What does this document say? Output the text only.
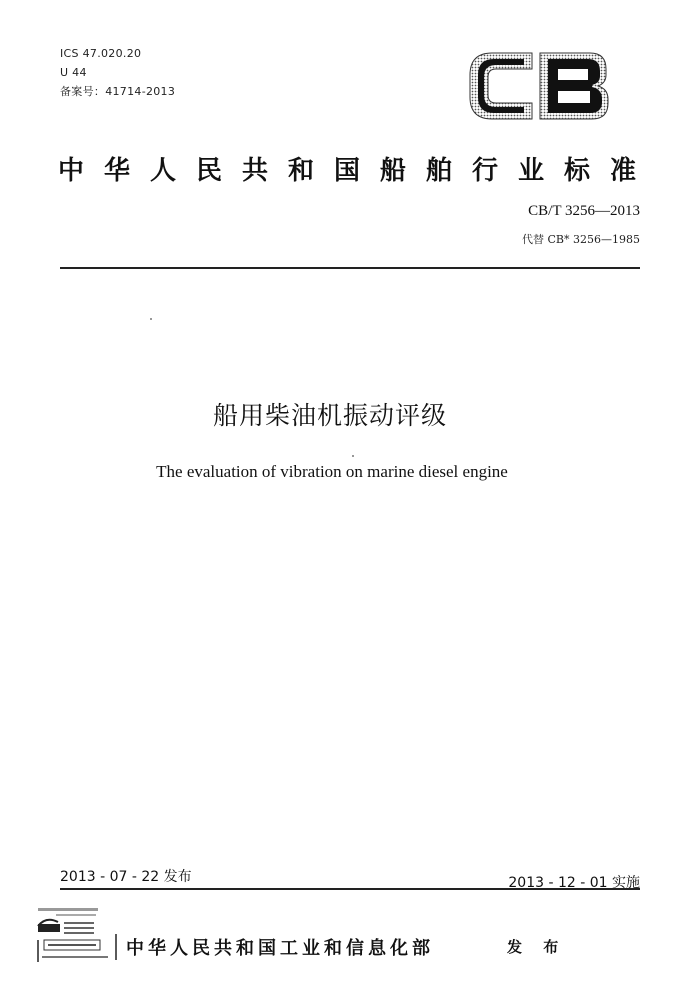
ICS 47.020.20
U 44
备案号：41714-2013
中华人民共和国船舶行业标准
CB/T 3256—2013
代替 CB* 3256—1985
船用柴油机振动评级
The evaluation of vibration on marine diesel engine
2013 - 07 - 22 发布	2013 - 12 - 01 实施
中华人民共和国工业和信息化部	发 布
